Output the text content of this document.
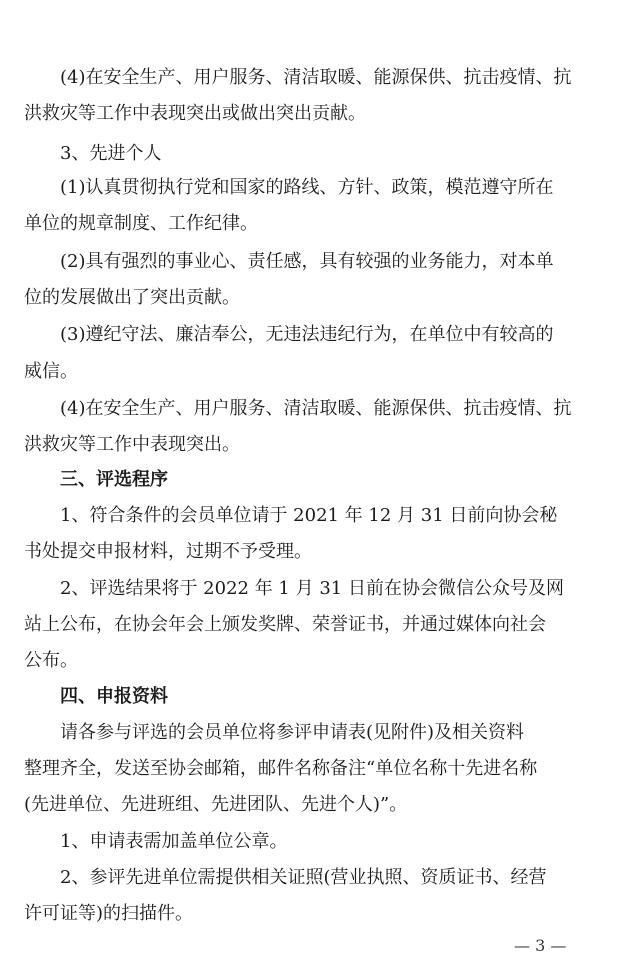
(4)在安全生产、用户服务、清洁取暖、能源保供、抗击疫情、抗
洪救灾等工作中表现突出或做出突出贡献。
3、先进个人
(1)认真贯彻执行党和国家的路线、方针、政策，模范遵守所在
单位的规章制度、工作纪律。
(2)具有强烈的事业心、责任感，具有较强的业务能力，对本单
位的发展做出了突出贡献。
(3)遵纪守法、廉洁奉公，无违法违纪行为，在单位中有较高的
威信。
(4)在安全生产、用户服务、清洁取暖、能源保供、抗击疫情、抗
洪救灾等工作中表现突出。
三、评选程序
1、符合条件的会员单位请于 2021 年 12 月 31 日前向协会秘
书处提交申报材料，过期不予受理。
2、评选结果将于 2022 年 1 月 31 日前在协会微信公众号及网
站上公布，在协会年会上颁发奖牌、荣誉证书，并通过媒体向社会
公布。
四、申报资料
请各参与评选的会员单位将参评申请表(见附件)及相关资料
整理齐全，发送至协会邮箱，邮件名称备注“单位名称十先进名称
(先进单位、先进班组、先进团队、先进个人)”。
1、申请表需加盖单位公章。
2、参评先进单位需提供相关证照(营业执照、资质证书、经营
许可证等)的扫描件。
— 3 —
